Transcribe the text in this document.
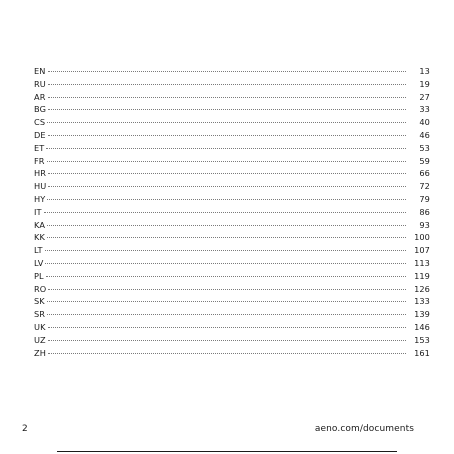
EN	13
RU	19
AR	27
BG	33
CS	40
DE	46
ET	53
FR	59
HR	66
HU	72
HY	79
IT	86
KA	93
KK	100
LT	107
LV	113
PL	119
RO	126
SK	133
SR	139
UK	146
UZ	153
ZH	161
2	aeno.com/documents
